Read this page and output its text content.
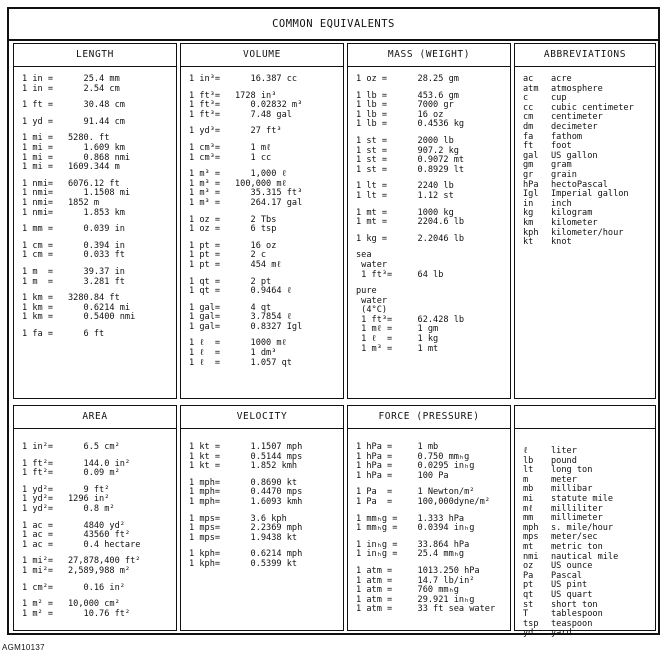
COMMON EQUIVALENTS
LENGTH
1 in =	25.4 mm
1 in =	2.54 cm
1 ft =	30.48 cm
1 yd =	91.44 cm
1 mi =	5280. ft
1 mi =	1.609 km
1 mi =	0.868 nmi
1 mi =	1609.344 m
1 nmi=	6076.12 ft
1 nmi=	1.1508 mi
1 nmi=	1852 m
1 nmi=	1.853 km
1 mm =	0.039 in
1 cm =	0.394 in
1 cm =	0.033 ft
1 m  =	39.37 in
1 m  =	3.281 ft
1 km =	3280.84 ft
1 km =	0.6214 mi
1 km =	0.5400 nmi
1 fa =	6 ft
VOLUME
1 in³=	16.387 cc
1 ft³=	1728 in³
1 ft³=	0.02832 m³
1 ft³=	7.48 gal
1 yd³=	27 ft³
1 cm³=	1 mℓ
1 cm³=	1 cc
1 m³ =	1,000 ℓ
1 m³ =	100,000 mℓ
1 m³ =	35.315 ft³
1 m³ =	264.17 gal
1 oz =	2 Tbs
1 oz =	6 tsp
1 pt =	16 oz
1 pt =	2 c
1 pt =	454 mℓ
1 qt =	2 pt
1 qt =	0.9464 ℓ
1 gal=	4 qt
1 gal=	3.7854 ℓ
1 gal=	0.8327 Igl
1 ℓ  =	1000 mℓ
1 ℓ  =	1 dm³
1 ℓ  =	1.057 qt
MASS (WEIGHT)
1 oz =	28.25 gm
1 lb =	453.6 gm
1 lb =	7000 gr
1 lb =	16 oz
1 lb =	0.4536 kg
1 st =	2000 lb
1 st =	907.2 kg
1 st =	0.9072 mt
1 st =	0.8929 lt
1 lt =	2240 lb
1 lt =	1.12 st
1 mt =	1000 kg
1 mt =	2204.6 lb
1 kg =	2.2046 lb
sea
water
1 ft³=	64 lb
pure
water
(4°C)
1 ft³=	62.428 lb
1 mℓ =	1 gm
1 ℓ  =	1 kg
1 m³ =	1 mt
ABBREVIATIONS
ac	acre
atm	atmosphere
c	cup
cc	cubic centimeter
cm	centimeter
dm	decimeter
fa	fathom
ft	foot
gal	US gallon
gm	gram
gr	grain
hPa	hectoPascal
Igl	Imperial gallon
in	inch
kg	kilogram
km	kilometer
kph	kilometer/hour
kt	knot
AREA
1 in²=	6.5 cm²
1 ft²=	144.0 in²
1 ft²=	0.09 m²
1 yd²=	9 ft²
1 yd²=	1296 in²
1 yd²=	0.8 m²
1 ac =	4840 yd²
1 ac =	43560 ft²
1 ac =	0.4 hectare
1 mi²=	27,878,400 ft²
1 mi²=	2,589,988 m²
1 cm²=	0.16 in²
1 m² =	10,000 cm²
1 m² =	10.76 ft²
VELOCITY
1 kt =	1.1507 mph
1 kt =	0.5144 mps
1 kt =	1.852 kmh
1 mph=	0.8690 kt
1 mph=	0.4470 mps
1 mph=	1.6093 kmh
1 mps=	3.6 kph
1 mps=	2.2369 mph
1 mps=	1.9438 kt
1 kph=	0.6214 mph
1 kph=	0.5399 kt
FORCE (PRESSURE)
1 hPa =	1 mb
1 hPa =	0.750 mmₕg
1 hPa =	0.0295 inₕg
1 hPa =	100 Pa
1 Pa  =	1 Newton/m²
1 Pa  =	100,000dyne/m²
1 mmₕg = 1.333 hPa
1 mmₕg = 0.0394 inₕg
1 inₕg = 33.864 hPa
1 inₕg = 25.4 mmₕg
1 atm =	1013.250 hPa
1 atm =	14.7 lb/in²
1 atm =	760 mmₕg
1 atm =	29.921 inₕg
1 atm =	33 ft sea water
ℓ	liter
lb	pound
lt	long ton
m	meter
mb	millibar
mi	statute mile
mℓ	milliliter
mm	millimeter
mph	s. mile/hour
mps	meter/sec
mt	metric ton
nmi	nautical mile
oz	US ounce
Pa	Pascal
pt	US pint
qt	US quart
st	short ton
T	tablespoon
tsp	teaspoon
yd	yard
AGM10137
